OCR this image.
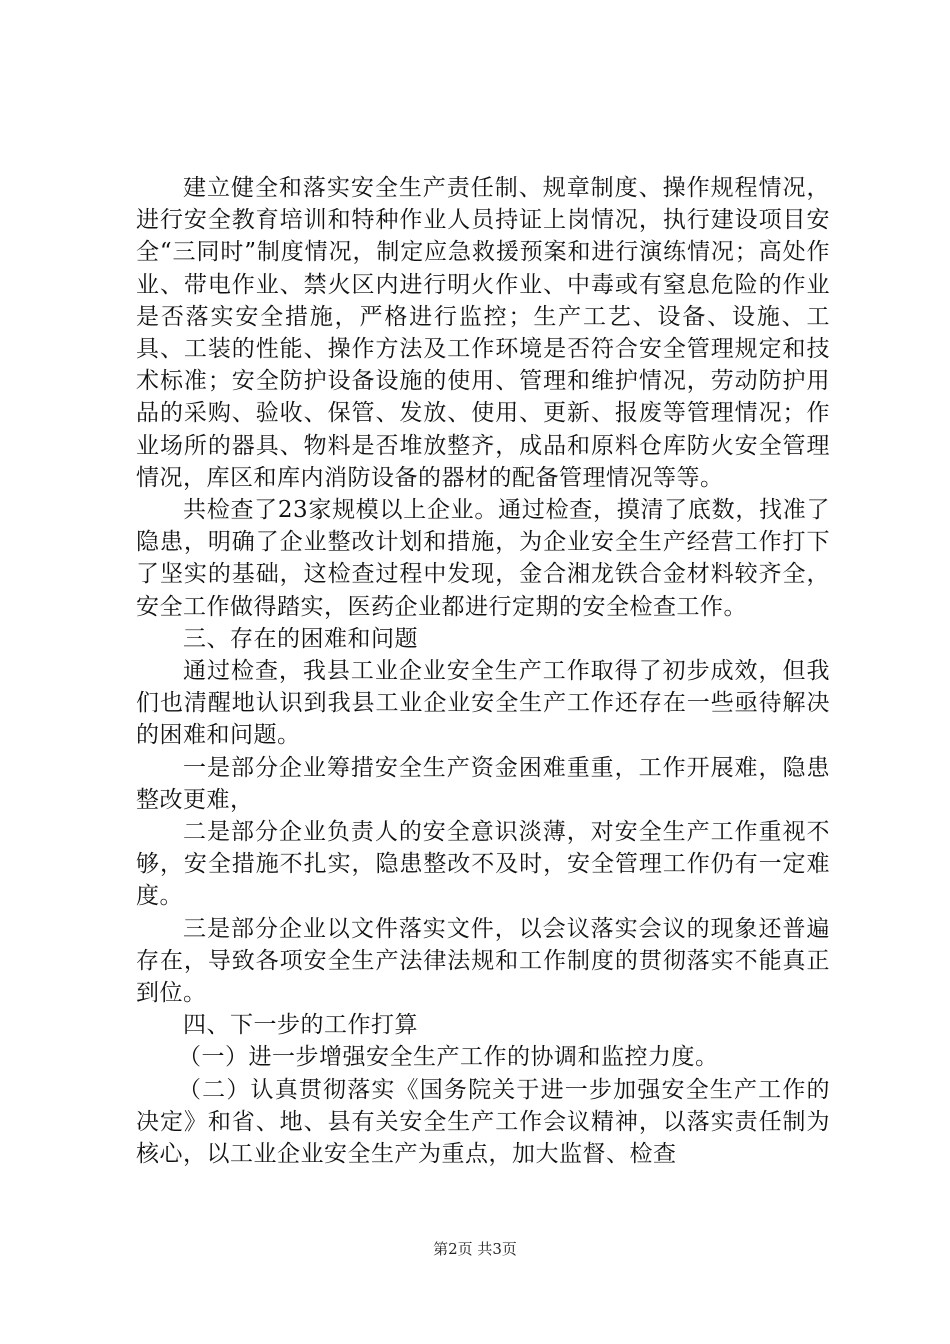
建立健全和落实安全生产责任制、规章制度、操作规程情况，进行安全教育培训和特种作业人员持证上岗情况，执行建设项目安全“三同时”制度情况，制定应急救援预案和进行演练情况；高处作业、带电作业、禁火区内进行明火作业、中毒或有窒息危险的作业是否落实安全措施，严格进行监控；生产工艺、设备、设施、工具、工装的性能、操作方法及工作环境是否符合安全管理规定和技术标准；安全防护设备设施的使用、管理和维护情况，劳动防护用品的采购、验收、保管、发放、使用、更新、报废等管理情况；作业场所的器具、物料是否堆放整齐，成品和原料仓库防火安全管理情况，库区和库内消防设备的器材的配备管理情况等等。

共检查了23家规模以上企业。通过检查，摸清了底数，找准了隐患，明确了企业整改计划和措施，为企业安全生产经营工作打下了坚实的基础，这检查过程中发现，金合湘龙铁合金材料较齐全，安全工作做得踏实，医药企业都进行定期的安全检查工作。

三、存在的困难和问题

通过检查，我县工业企业安全生产工作取得了初步成效，但我们也清醒地认识到我县工业企业安全生产工作还存在一些亟待解决的困难和问题。

一是部分企业筹措安全生产资金困难重重，工作开展难，隐患整改更难，

二是部分企业负责人的安全意识淡薄，对安全生产工作重视不够，安全措施不扎实，隐患整改不及时，安全管理工作仍有一定难度。

三是部分企业以文件落实文件，以会议落实会议的现象还普遍存在，导致各项安全生产法律法规和工作制度的贯彻落实不能真正到位。

四、下一步的工作打算

（一）进一步增强安全生产工作的协调和监控力度。

（二）认真贯彻落实《国务院关于进一步加强安全生产工作的决定》和省、地、县有关安全生产工作会议精神，以落实责任制为核心，以工业企业安全生产为重点，加大监督、检查

第2页 共3页
